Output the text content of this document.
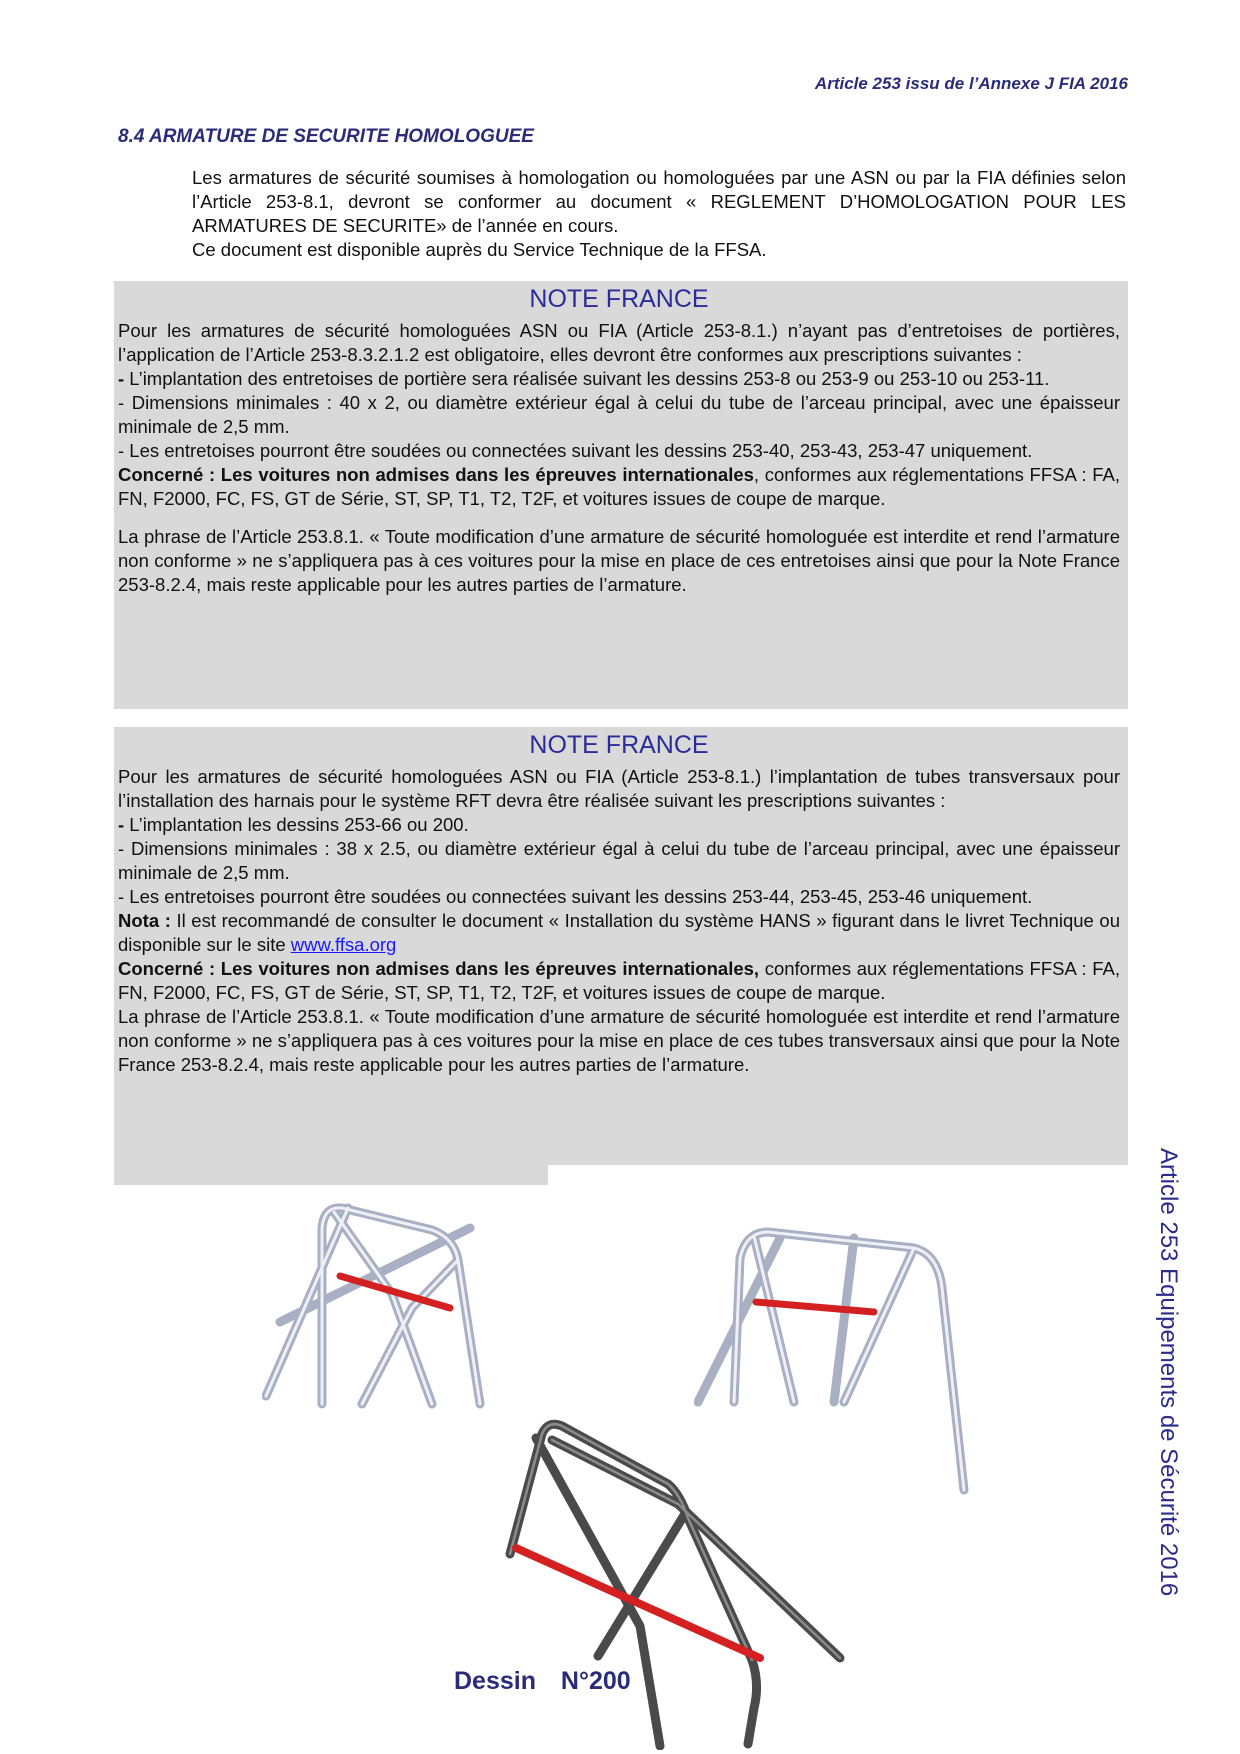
Article 253 issu de l’Annexe J FIA 2016
8.4 ARMATURE DE SECURITE HOMOLOGUEE

Les armatures de sécurité soumises à homologation ou homologuées par une ASN ou par la FIA définies selon l’Article 253-8.1, devront se conformer au document « REGLEMENT D’HOMOLOGATION POUR LES ARMATURES DE SECURITE» de l’année en cours.

Ce document est disponible auprès du Service Technique de la FFSA.

NOTE FRANCE

Pour les armatures de sécurité homologuées ASN ou FIA (Article 253-8.1.) n’ayant pas d’entretoises de portières, l’application de l’Article 253-8.3.2.1.2 est obligatoire, elles devront être conformes aux prescriptions suivantes :

- L’implantation des entretoises de portière sera réalisée suivant les dessins 253-8 ou 253-9 ou 253-10 ou 253-11.

- Dimensions minimales : 40 x 2, ou diamètre extérieur égal à celui du tube de l’arceau principal, avec une épaisseur minimale de 2,5 mm.

- Les entretoises pourront être soudées ou connectées suivant les dessins 253-40, 253-43, 253-47 uniquement.

Concerné : Les voitures non admises dans les épreuves internationales, conformes aux réglementations FFSA : FA, FN, F2000, FC, FS, GT de Série, ST, SP, T1, T2, T2F, et voitures issues de coupe de marque.

La phrase de l’Article 253.8.1. « Toute modification d’une armature de sécurité homologuée est interdite et rend l’armature non conforme » ne s’appliquera pas à ces voitures pour la mise en place de ces entretoises ainsi que pour la Note France 253-8.2.4, mais reste applicable pour les autres parties de l’armature.

NOTE FRANCE

Pour les armatures de sécurité homologuées ASN ou FIA (Article 253-8.1.) l’implantation de tubes transversaux pour l’installation des harnais pour le système RFT devra être réalisée suivant les prescriptions suivantes :

- L’implantation les dessins 253-66 ou 200.

- Dimensions minimales : 38 x 2.5, ou diamètre extérieur égal à celui du tube de l’arceau principal, avec une épaisseur minimale de 2,5 mm.

- Les entretoises pourront être soudées ou connectées suivant les dessins 253-44, 253-45, 253-46 uniquement.

Nota : Il est recommandé de consulter le document « Installation du système HANS » figurant dans le livret Technique ou disponible sur le site www.ffsa.org

Concerné : Les voitures non admises dans les épreuves internationales, conformes aux réglementations FFSA : FA, FN, F2000, FC, FS, GT de Série, ST, SP, T1, T2, T2F, et voitures issues de coupe de marque.

La phrase de l’Article 253.8.1. « Toute modification d’une armature de sécurité homologuée est interdite et rend l’armature non conforme » ne s’appliquera pas à ces voitures pour la mise en place de ces tubes transversaux ainsi que pour la Note France 253-8.2.4, mais reste applicable pour les autres parties de l’armature.

Dessin N°200
Article 253 Equipements de Sécurité 2016
